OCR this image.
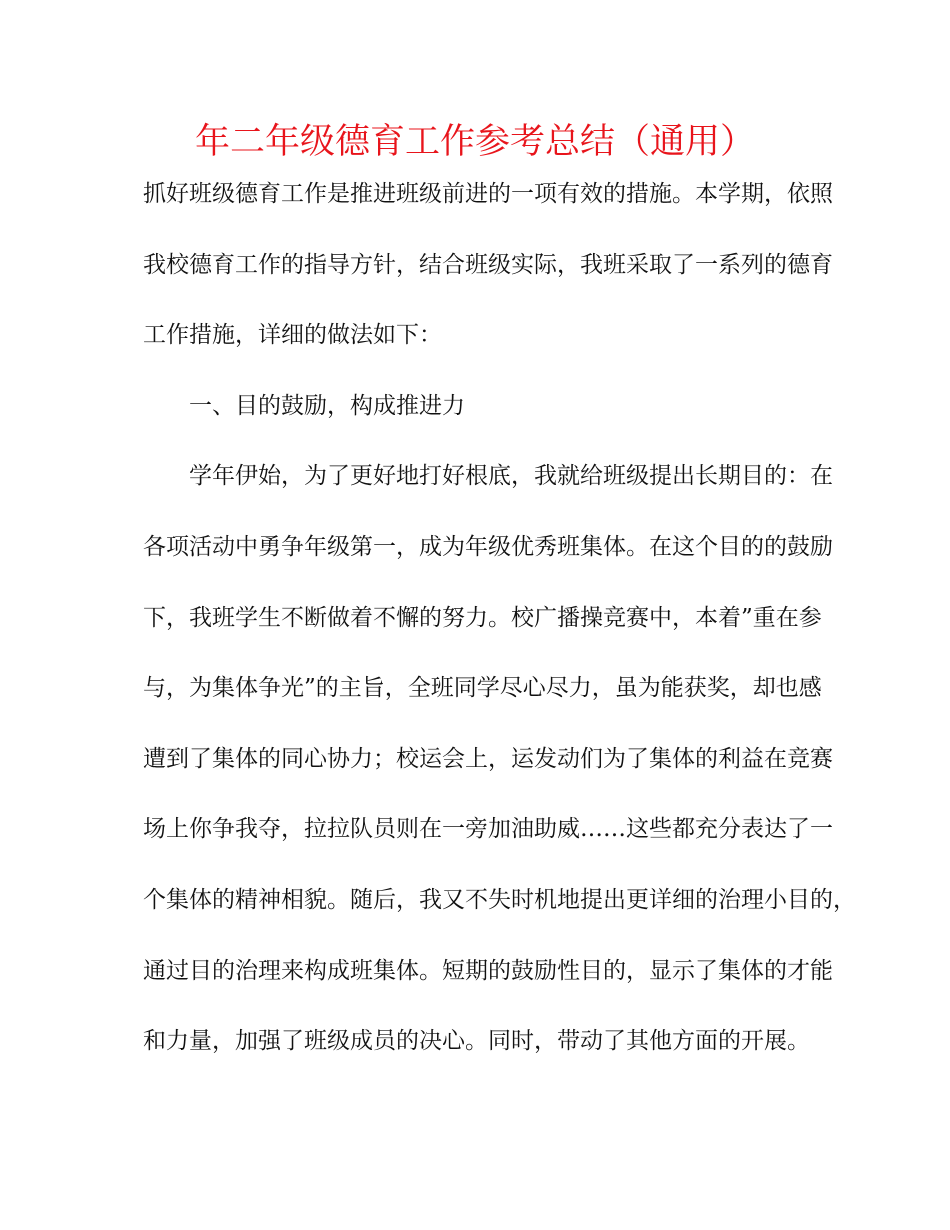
年二年级德育工作参考总结（通用）
抓好班级德育工作是推进班级前进的一项有效的措施。本学期，依照
我校德育工作的指导方针，结合班级实际，我班采取了一系列的德育
工作措施，详细的做法如下：
一、目的鼓励，构成推进力
学年伊始，为了更好地打好根底，我就给班级提出长期目的：在
各项活动中勇争年级第一，成为年级优秀班集体。在这个目的的鼓励
下，我班学生不断做着不懈的努力。校广播操竞赛中，本着”重在参
与，为集体争光”的主旨，全班同学尽心尽力，虽为能获奖，却也感
遭到了集体的同心协力；校运会上，运发动们为了集体的利益在竞赛
场上你争我夺，拉拉队员则在一旁加油助威……这些都充分表达了一
个集体的精神相貌。随后，我又不失时机地提出更详细的治理小目的，
通过目的治理来构成班集体。短期的鼓励性目的，显示了集体的才能
和力量，加强了班级成员的决心。同时，带动了其他方面的开展。
